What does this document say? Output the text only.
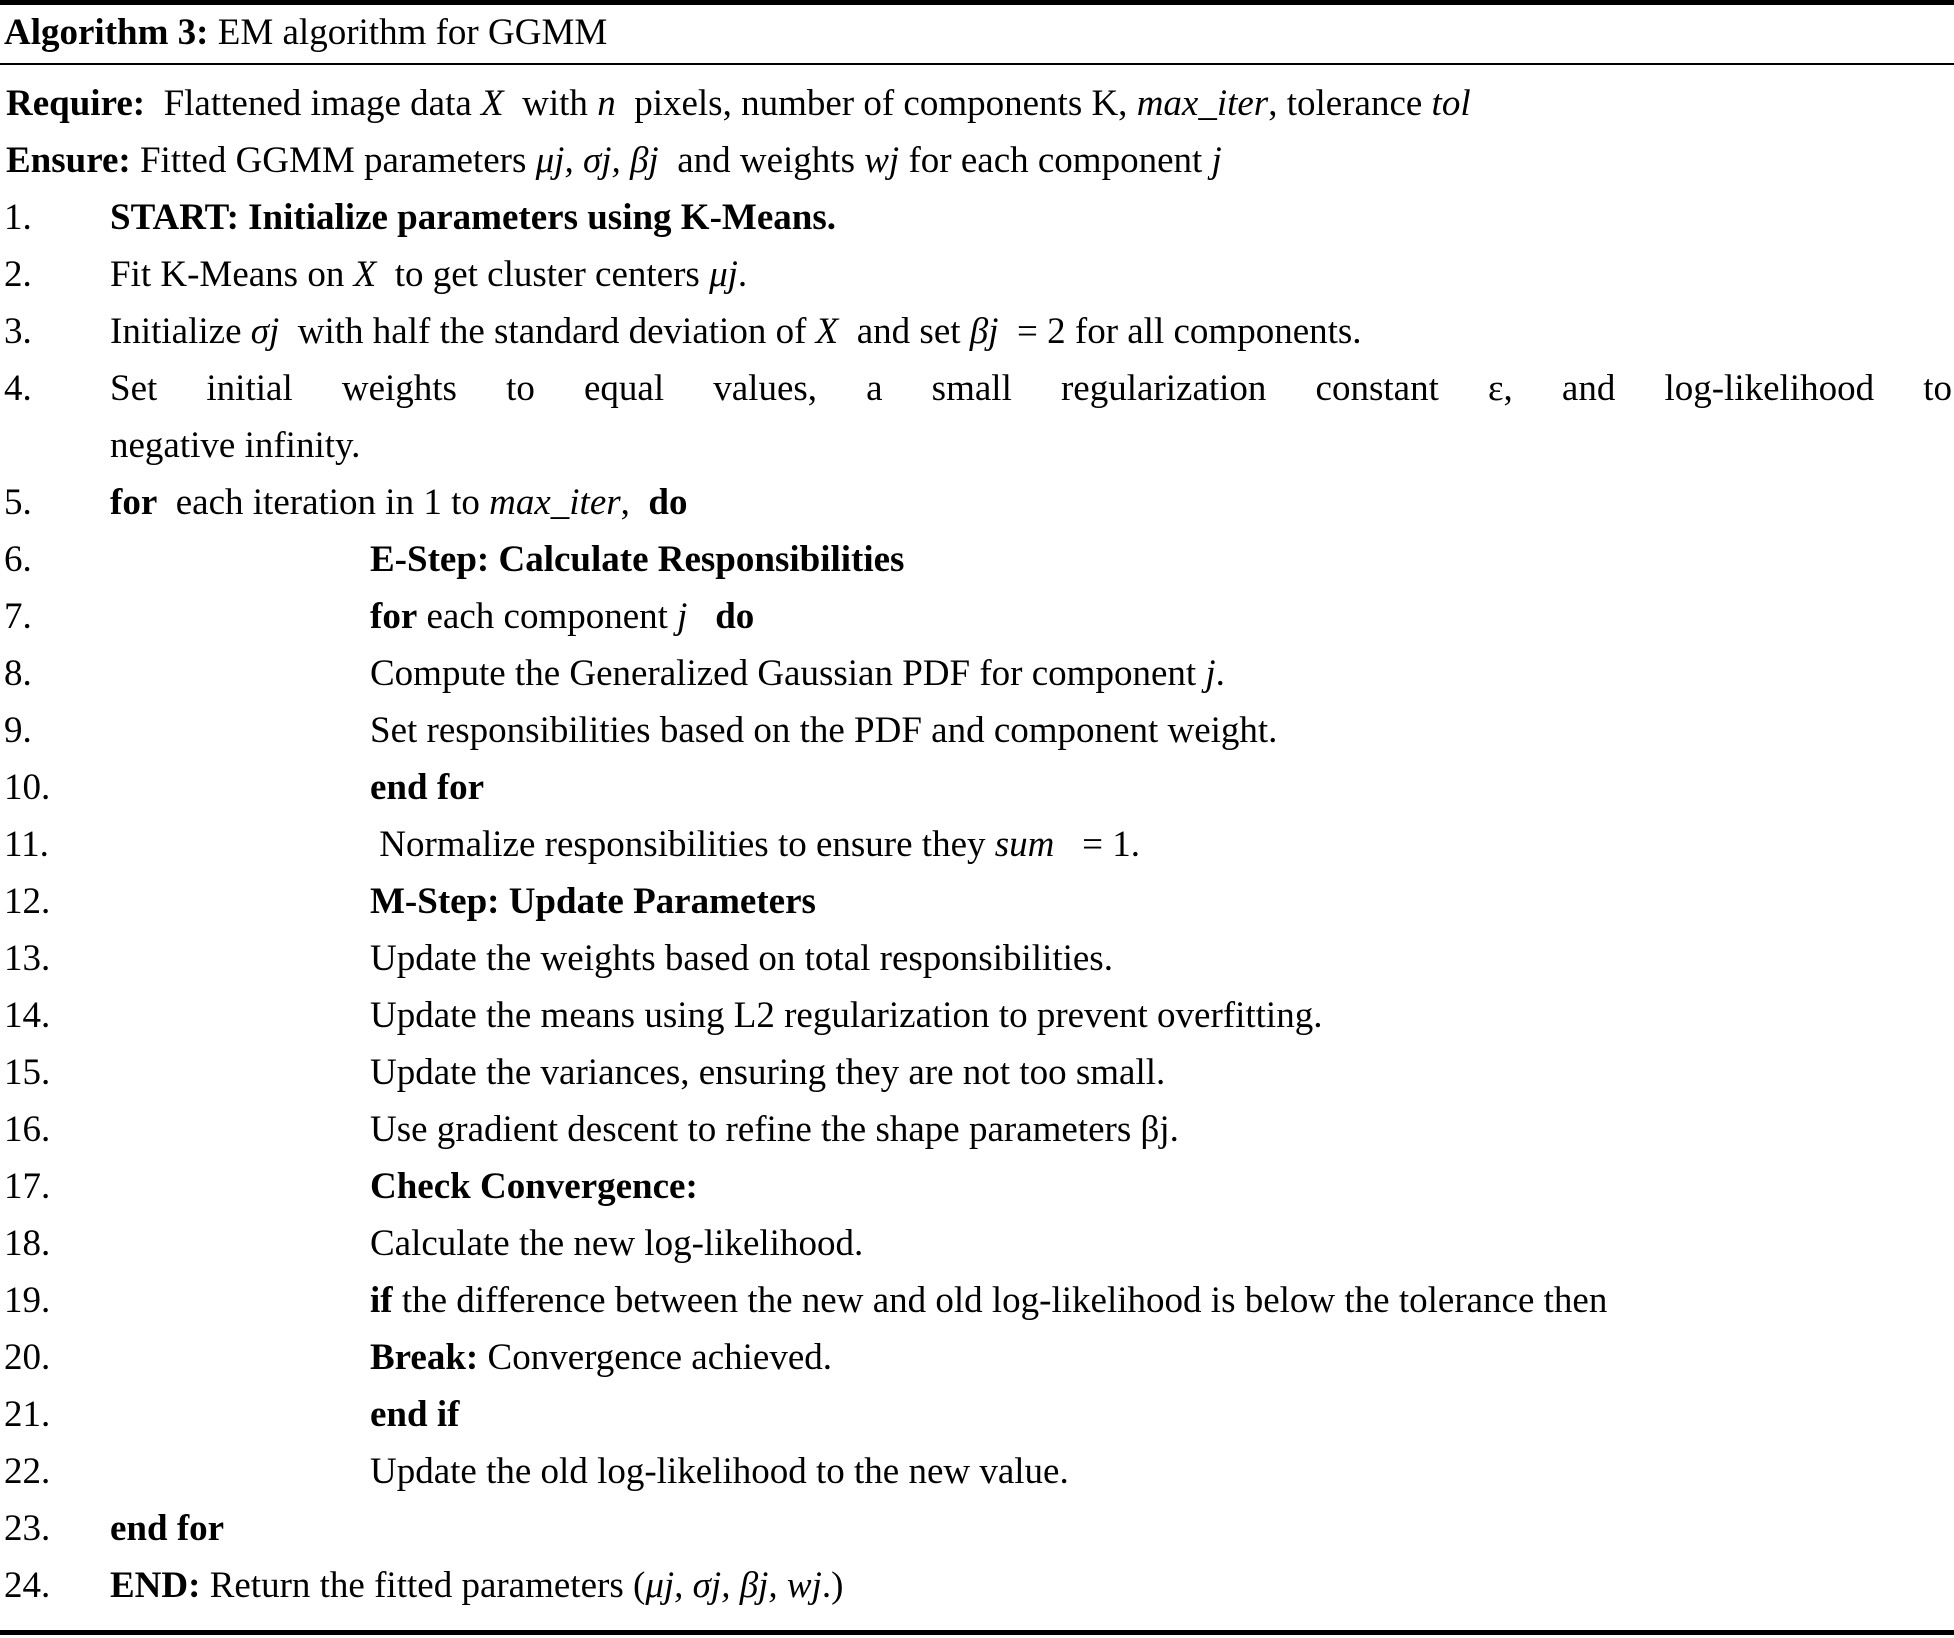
Algorithm 3: EM algorithm for GGMM
Require:  Flattened image data X  with n  pixels, number of components K, max_iter, tolerance tol
Ensure: Fitted GGMM parameters μj, σj, βj  and weights wj for each component j
1.	START: Initialize parameters using K-Means.
2.	Fit K-Means on X  to get cluster centers μj.
3.	Initialize σj  with half the standard deviation of X  and set βj  = 2 for all components.
4. Set initial weights to equal values, a small regularization constant ε, and log-likelihood to
negative infinity.
5.	for  each iteration in 1 to max_iter,  do
6.	E-Step: Calculate Responsibilities
7.	for each component j do
8.	Compute the Generalized Gaussian PDF for component j.
9.	Set responsibilities based on the PDF and component weight.
10.	end for
11.	Normalize responsibilities to ensure they sum   = 1.
12.	M-Step: Update Parameters
13.	Update the weights based on total responsibilities.
14.	Update the means using L2 regularization to prevent overfitting.
15.	Update the variances, ensuring they are not too small.
16.	Use gradient descent to refine the shape parameters βj.
17.	Check Convergence:
18.	Calculate the new log-likelihood.
19.	if the difference between the new and old log-likelihood is below the tolerance then
20.	Break: Convergence achieved.
21.	end if
22.	Update the old log-likelihood to the new value.
23.	end for
24.	END: Return the fitted parameters (μj, σj, βj, wj.)
